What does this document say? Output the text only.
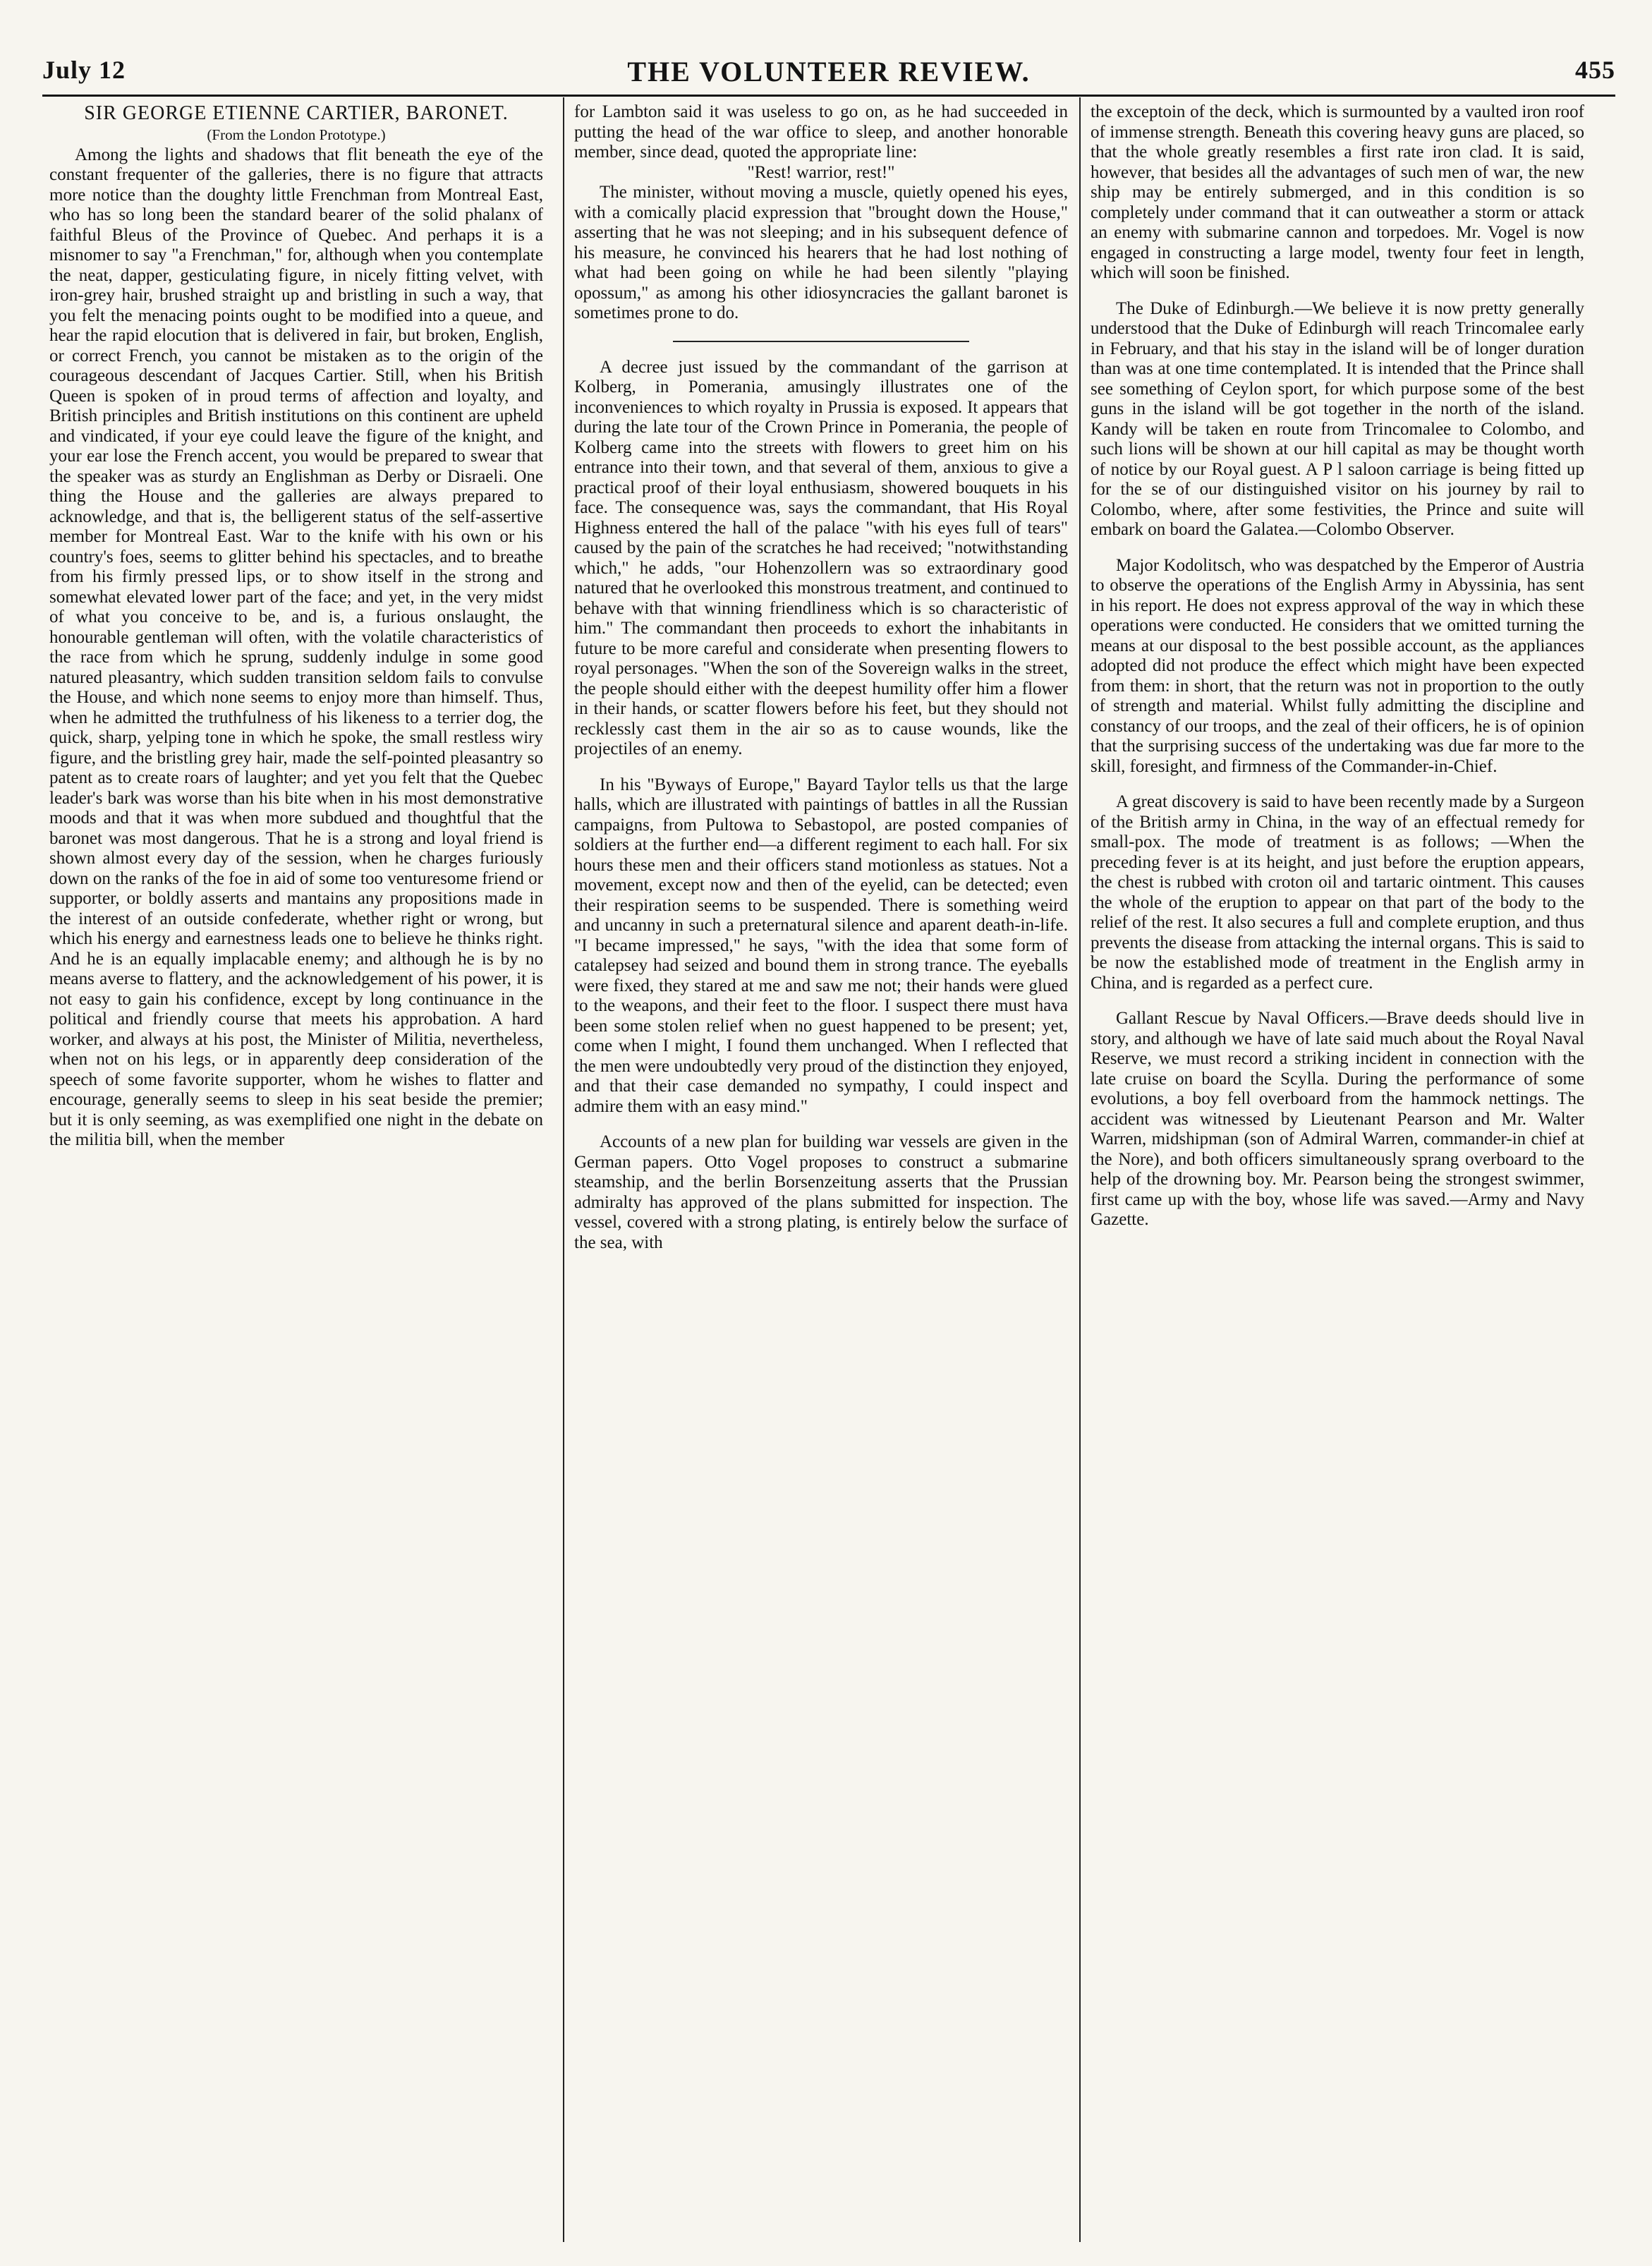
July 12	THE VOLUNTEER REVIEW.	455

SIR GEORGE ETIENNE CARTIER, BARONET.

(From the London Prototype.)

Among the lights and shadows that flit beneath the eye of the constant frequenter of the galleries, there is no figure that attracts more notice than the doughty little Frenchman from Montreal East, who has so long been the standard bearer of the solid phalanx of faithful Bleus of the Province of Quebec. And perhaps it is a misnomer to say "a Frenchman," for, although when you contemplate the neat, dapper, gesticulating figure, in nicely fitting velvet, with iron-grey hair, brushed straight up and bristling in such a way, that you felt the menacing points ought to be modified into a queue, and hear the rapid elocution that is delivered in fair, but broken, English, or correct French, you cannot be mistaken as to the origin of the courageous descendant of Jacques Cartier. Still, when his British Queen is spoken of in proud terms of affection and loyalty, and British principles and British institutions on this continent are upheld and vindicated, if your eye could leave the figure of the knight, and your ear lose the French accent, you would be prepared to swear that the speaker was as sturdy an Englishman as Derby or Disraeli. One thing the House and the galleries are always prepared to acknowledge, and that is, the belligerent status of the self-assertive member for Montreal East. War to the knife with his own or his country's foes, seems to glitter behind his spectacles, and to breathe from his firmly pressed lips, or to show itself in the strong and somewhat elevated lower part of the face; and yet, in the very midst of what you conceive to be, and is, a furious onslaught, the honourable gentleman will often, with the volatile characteristics of the race from which he sprung, suddenly indulge in some good natured pleasantry, which sudden transition seldom fails to convulse the House, and which none seems to enjoy more than himself. Thus, when he admitted the truthfulness of his likeness to a terrier dog, the quick, sharp, yelping tone in which he spoke, the small restless wiry figure, and the bristling grey hair, made the self-pointed pleasantry so patent as to create roars of laughter; and yet you felt that the Quebec leader's bark was worse than his bite when in his most demonstrative moods and that it was when more subdued and thoughtful that the baronet was most dangerous. That he is a strong and loyal friend is shown almost every day of the session, when he charges furiously down on the ranks of the foe in aid of some too venturesome friend or supporter, or boldly asserts and mantains any propositions made in the interest of an outside confederate, whether right or wrong, but which his energy and earnestness leads one to believe he thinks right. And he is an equally implacable enemy; and although he is by no means averse to flattery, and the acknowledgement of his power, it is not easy to gain his confidence, except by long continuance in the political and friendly course that meets his approbation. A hard worker, and always at his post, the Minister of Militia, nevertheless, when not on his legs, or in apparently deep consideration of the speech of some favorite supporter, whom he wishes to flatter and encourage, generally seems to sleep in his seat beside the premier; but it is only seeming, as was exemplified one night in the debate on the militia bill, when the member

for Lambton said it was useless to go on, as he had succeeded in putting the head of the war office to sleep, and another honorable member, since dead, quoted the appropriate line:

"Rest! warrior, rest!"

The minister, without moving a muscle, quietly opened his eyes, with a comically placid expression that "brought down the House," asserting that he was not sleeping; and in his subsequent defence of his measure, he convinced his hearers that he had lost nothing of what had been going on while he had been silently "playing opossum," as among his other idiosyncracies the gallant baronet is sometimes prone to do.

A decree just issued by the commandant of the garrison at Kolberg, in Pomerania, amusingly illustrates one of the inconveniences to which royalty in Prussia is exposed. It appears that during the late tour of the Crown Prince in Pomerania, the people of Kolberg came into the streets with flowers to greet him on his entrance into their town, and that several of them, anxious to give a practical proof of their loyal enthusiasm, showered bouquets in his face. The consequence was, says the commandant, that His Royal Highness entered the hall of the palace "with his eyes full of tears" caused by the pain of the scratches he had received; "notwithstanding which," he adds, "our Hohenzollern was so extraordinary good natured that he overlooked this monstrous treatment, and continued to behave with that winning friendliness which is so characteristic of him." The commandant then proceeds to exhort the inhabitants in future to be more careful and considerate when presenting flowers to royal personages. "When the son of the Sovereign walks in the street, the people should either with the deepest humility offer him a flower in their hands, or scatter flowers before his feet, but they should not recklessly cast them in the air so as to cause wounds, like the projectiles of an enemy.

In his "Byways of Europe," Bayard Taylor tells us that the large halls, which are illustrated with paintings of battles in all the Russian campaigns, from Pultowa to Sebastopol, are posted companies of soldiers at the further end—a different regiment to each hall. For six hours these men and their officers stand motionless as statues. Not a movement, except now and then of the eyelid, can be detected; even their respiration seems to be suspended. There is something weird and uncanny in such a preternatural silence and aparent death-in-life. "I became impressed," he says, "with the idea that some form of catalepsey had seized and bound them in strong trance. The eyeballs were fixed, they stared at me and saw me not; their hands were glued to the weapons, and their feet to the floor. I suspect there must hava been some stolen relief when no guest happened to be present; yet, come when I might, I found them unchanged. When I reflected that the men were undoubtedly very proud of the distinction they enjoyed, and that their case demanded no sympathy, I could inspect and admire them with an easy mind."

Accounts of a new plan for building war vessels are given in the German papers. Otto Vogel proposes to construct a submarine steamship, and the berlin Borsenzeitung asserts that the Prussian admiralty has approved of the plans submitted for inspection. The vessel, covered with a strong plating, is entirely below the surface of the sea, with

the exceptoin of the deck, which is surmounted by a vaulted iron roof of immense strength. Beneath this covering heavy guns are placed, so that the whole greatly resembles a first rate iron clad. It is said, however, that besides all the advantages of such men of war, the new ship may be entirely submerged, and in this condition is so completely under command that it can outweather a storm or attack an enemy with submarine cannon and torpedoes. Mr. Vogel is now engaged in constructing a large model, twenty four feet in length, which will soon be finished.

The Duke of Edinburgh.—We believe it is now pretty generally understood that the Duke of Edinburgh will reach Trincomalee early in February, and that his stay in the island will be of longer duration than was at one time contemplated. It is intended that the Prince shall see something of Ceylon sport, for which purpose some of the best guns in the island will be got together in the north of the island. Kandy will be taken en route from Trincomalee to Colombo, and such lions will be shown at our hill capital as may be thought worth of notice by our Royal guest. A P l saloon carriage is being fitted up for the se of our distinguished visitor on his journey by rail to Colombo, where, after some festivities, the Prince and suite will embark on board the Galatea.—Colombo Observer.

Major Kodolitsch, who was despatched by the Emperor of Austria to observe the operations of the English Army in Abyssinia, has sent in his report. He does not express approval of the way in which these operations were conducted. He considers that we omitted turning the means at our disposal to the best possible account, as the appliances adopted did not produce the effect which might have been expected from them: in short, that the return was not in proportion to the outly of strength and material. Whilst fully admitting the discipline and constancy of our troops, and the zeal of their officers, he is of opinion that the surprising success of the undertaking was due far more to the skill, foresight, and firmness of the Commander-in-Chief.

A great discovery is said to have been recently made by a Surgeon of the British army in China, in the way of an effectual remedy for small-pox. The mode of treatment is as follows; —When the preceding fever is at its height, and just before the eruption appears, the chest is rubbed with croton oil and tartaric ointment. This causes the whole of the eruption to appear on that part of the body to the relief of the rest. It also secures a full and complete eruption, and thus prevents the disease from attacking the internal organs. This is said to be now the established mode of treatment in the English army in China, and is regarded as a perfect cure.

Gallant Rescue by Naval Officers.—Brave deeds should live in story, and although we have of late said much about the Royal Naval Reserve, we must record a striking incident in connection with the late cruise on board the Scylla. During the performance of some evolutions, a boy fell overboard from the hammock nettings. The accident was witnessed by Lieutenant Pearson and Mr. Walter Warren, midshipman (son of Admiral Warren, commander-in chief at the Nore), and both officers simultaneously sprang overboard to the help of the drowning boy. Mr. Pearson being the strongest swimmer, first came up with the boy, whose life was saved.—Army and Navy Gazette.
